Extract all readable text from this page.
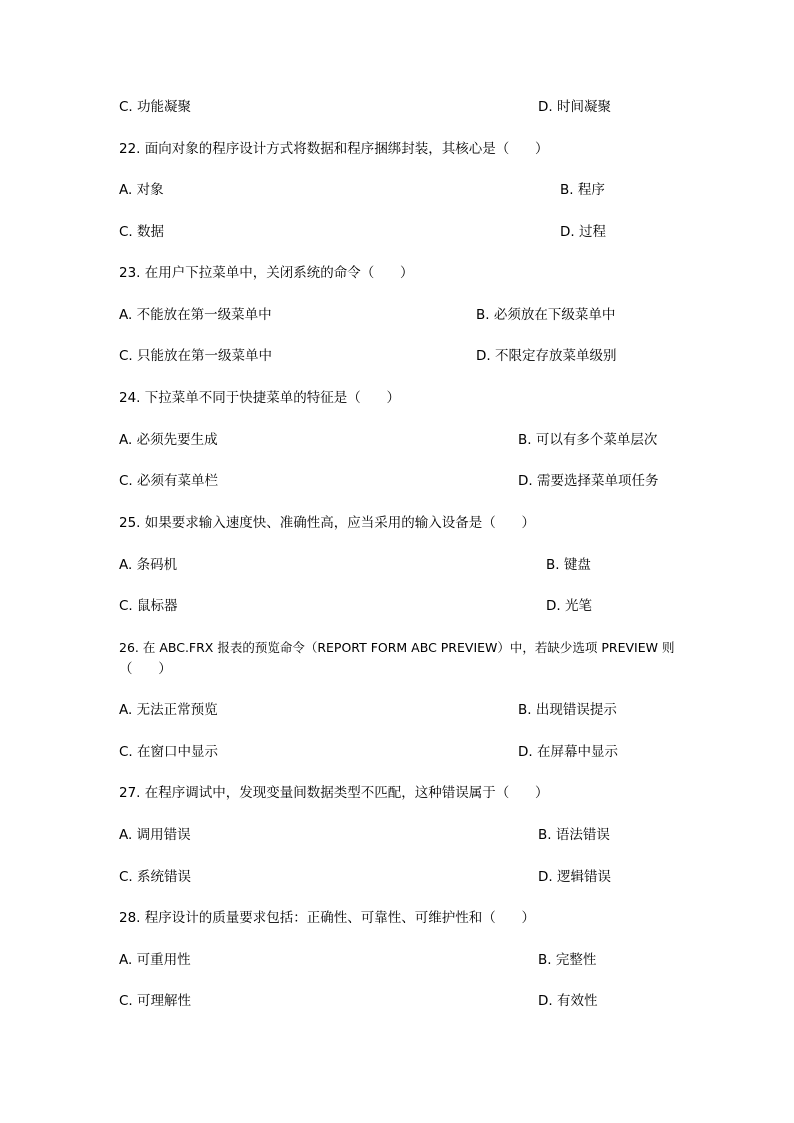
C. 功能凝聚	D. 时间凝聚
22. 面向对象的程序设计方式将数据和程序捆绑封装，其核心是（      ）
A. 对象	B. 程序
C. 数据	D. 过程
23. 在用户下拉菜单中，关闭系统的命令（      ）
A. 不能放在第一级菜单中	B. 必须放在下级菜单中
C. 只能放在第一级菜单中	D. 不限定存放菜单级别
24. 下拉菜单不同于快捷菜单的特征是（      ）
A. 必须先要生成	B. 可以有多个菜单层次
C. 必须有菜单栏	D. 需要选择菜单项任务
25. 如果要求输入速度快、准确性高，应当采用的输入设备是（      ）
A. 条码机	B. 键盘
C. 鼠标器	D. 光笔
26. 在 ABC.FRX 报表的预览命令（REPORT FORM ABC PREVIEW）中，若缺少选项 PREVIEW 则
（      ）
A. 无法正常预览	B. 出现错误提示
C. 在窗口中显示	D. 在屏幕中显示
27. 在程序调试中，发现变量间数据类型不匹配，这种错误属于（      ）
A. 调用错误	B. 语法错误
C. 系统错误	D. 逻辑错误
28. 程序设计的质量要求包括：正确性、可靠性、可维护性和（      ）
A. 可重用性	B. 完整性
C. 可理解性	D. 有效性
